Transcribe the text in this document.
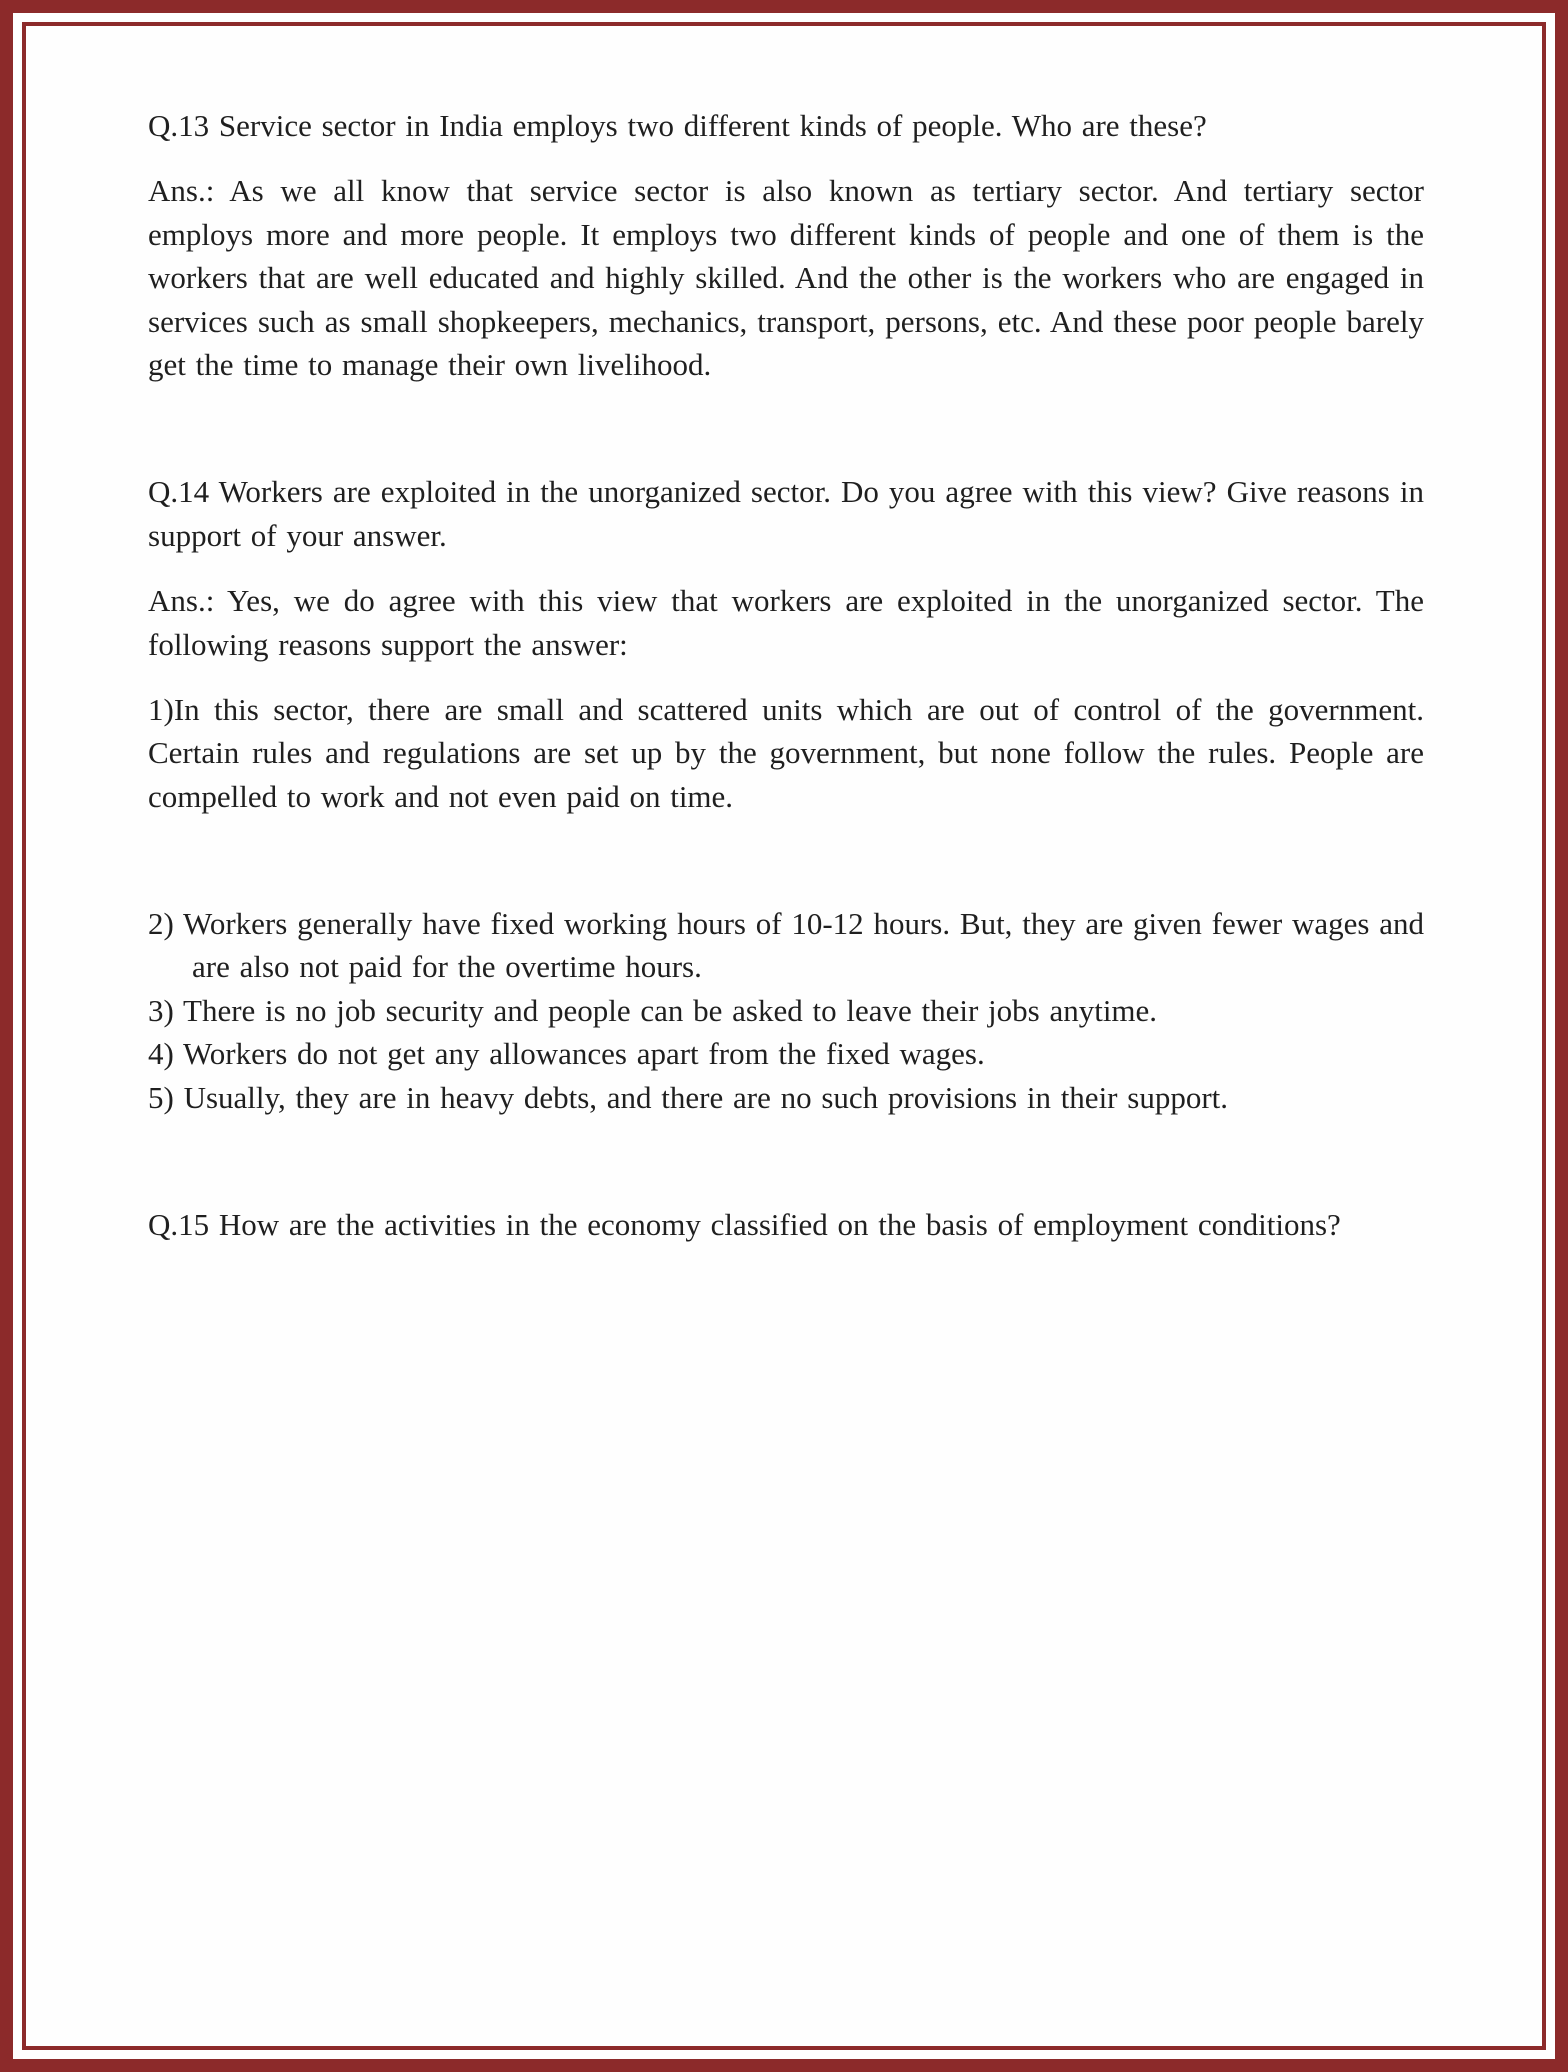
Q.13 Service sector in India employs two different kinds of people. Who are these?

Ans.: As we all know that service sector is also known as tertiary sector. And tertiary sector employs more and more people. It employs two different kinds of people and one of them is the workers that are well educated and highly skilled. And the other is the workers who are engaged in services such as small shopkeepers, mechanics, transport, persons, etc. And these poor people barely get the time to manage their own livelihood.

Q.14 Workers are exploited in the unorganized sector. Do you agree with this view? Give reasons in support of your answer.

Ans.: Yes, we do agree with this view that workers are exploited in the unorganized sector. The following reasons support the answer:

1)In this sector, there are small and scattered units which are out of control of the government. Certain rules and regulations are set up by the government, but none follow the rules. People are compelled to work and not even paid on time.

2) Workers generally have fixed working hours of 10-12 hours. But, they are given fewer wages and are also not paid for the overtime hours.

3) There is no job security and people can be asked to leave their jobs anytime.

4) Workers do not get any allowances apart from the fixed wages.

5) Usually, they are in heavy debts, and there are no such provisions in their support.

Q.15 How are the activities in the economy classified on the basis of employment conditions?
